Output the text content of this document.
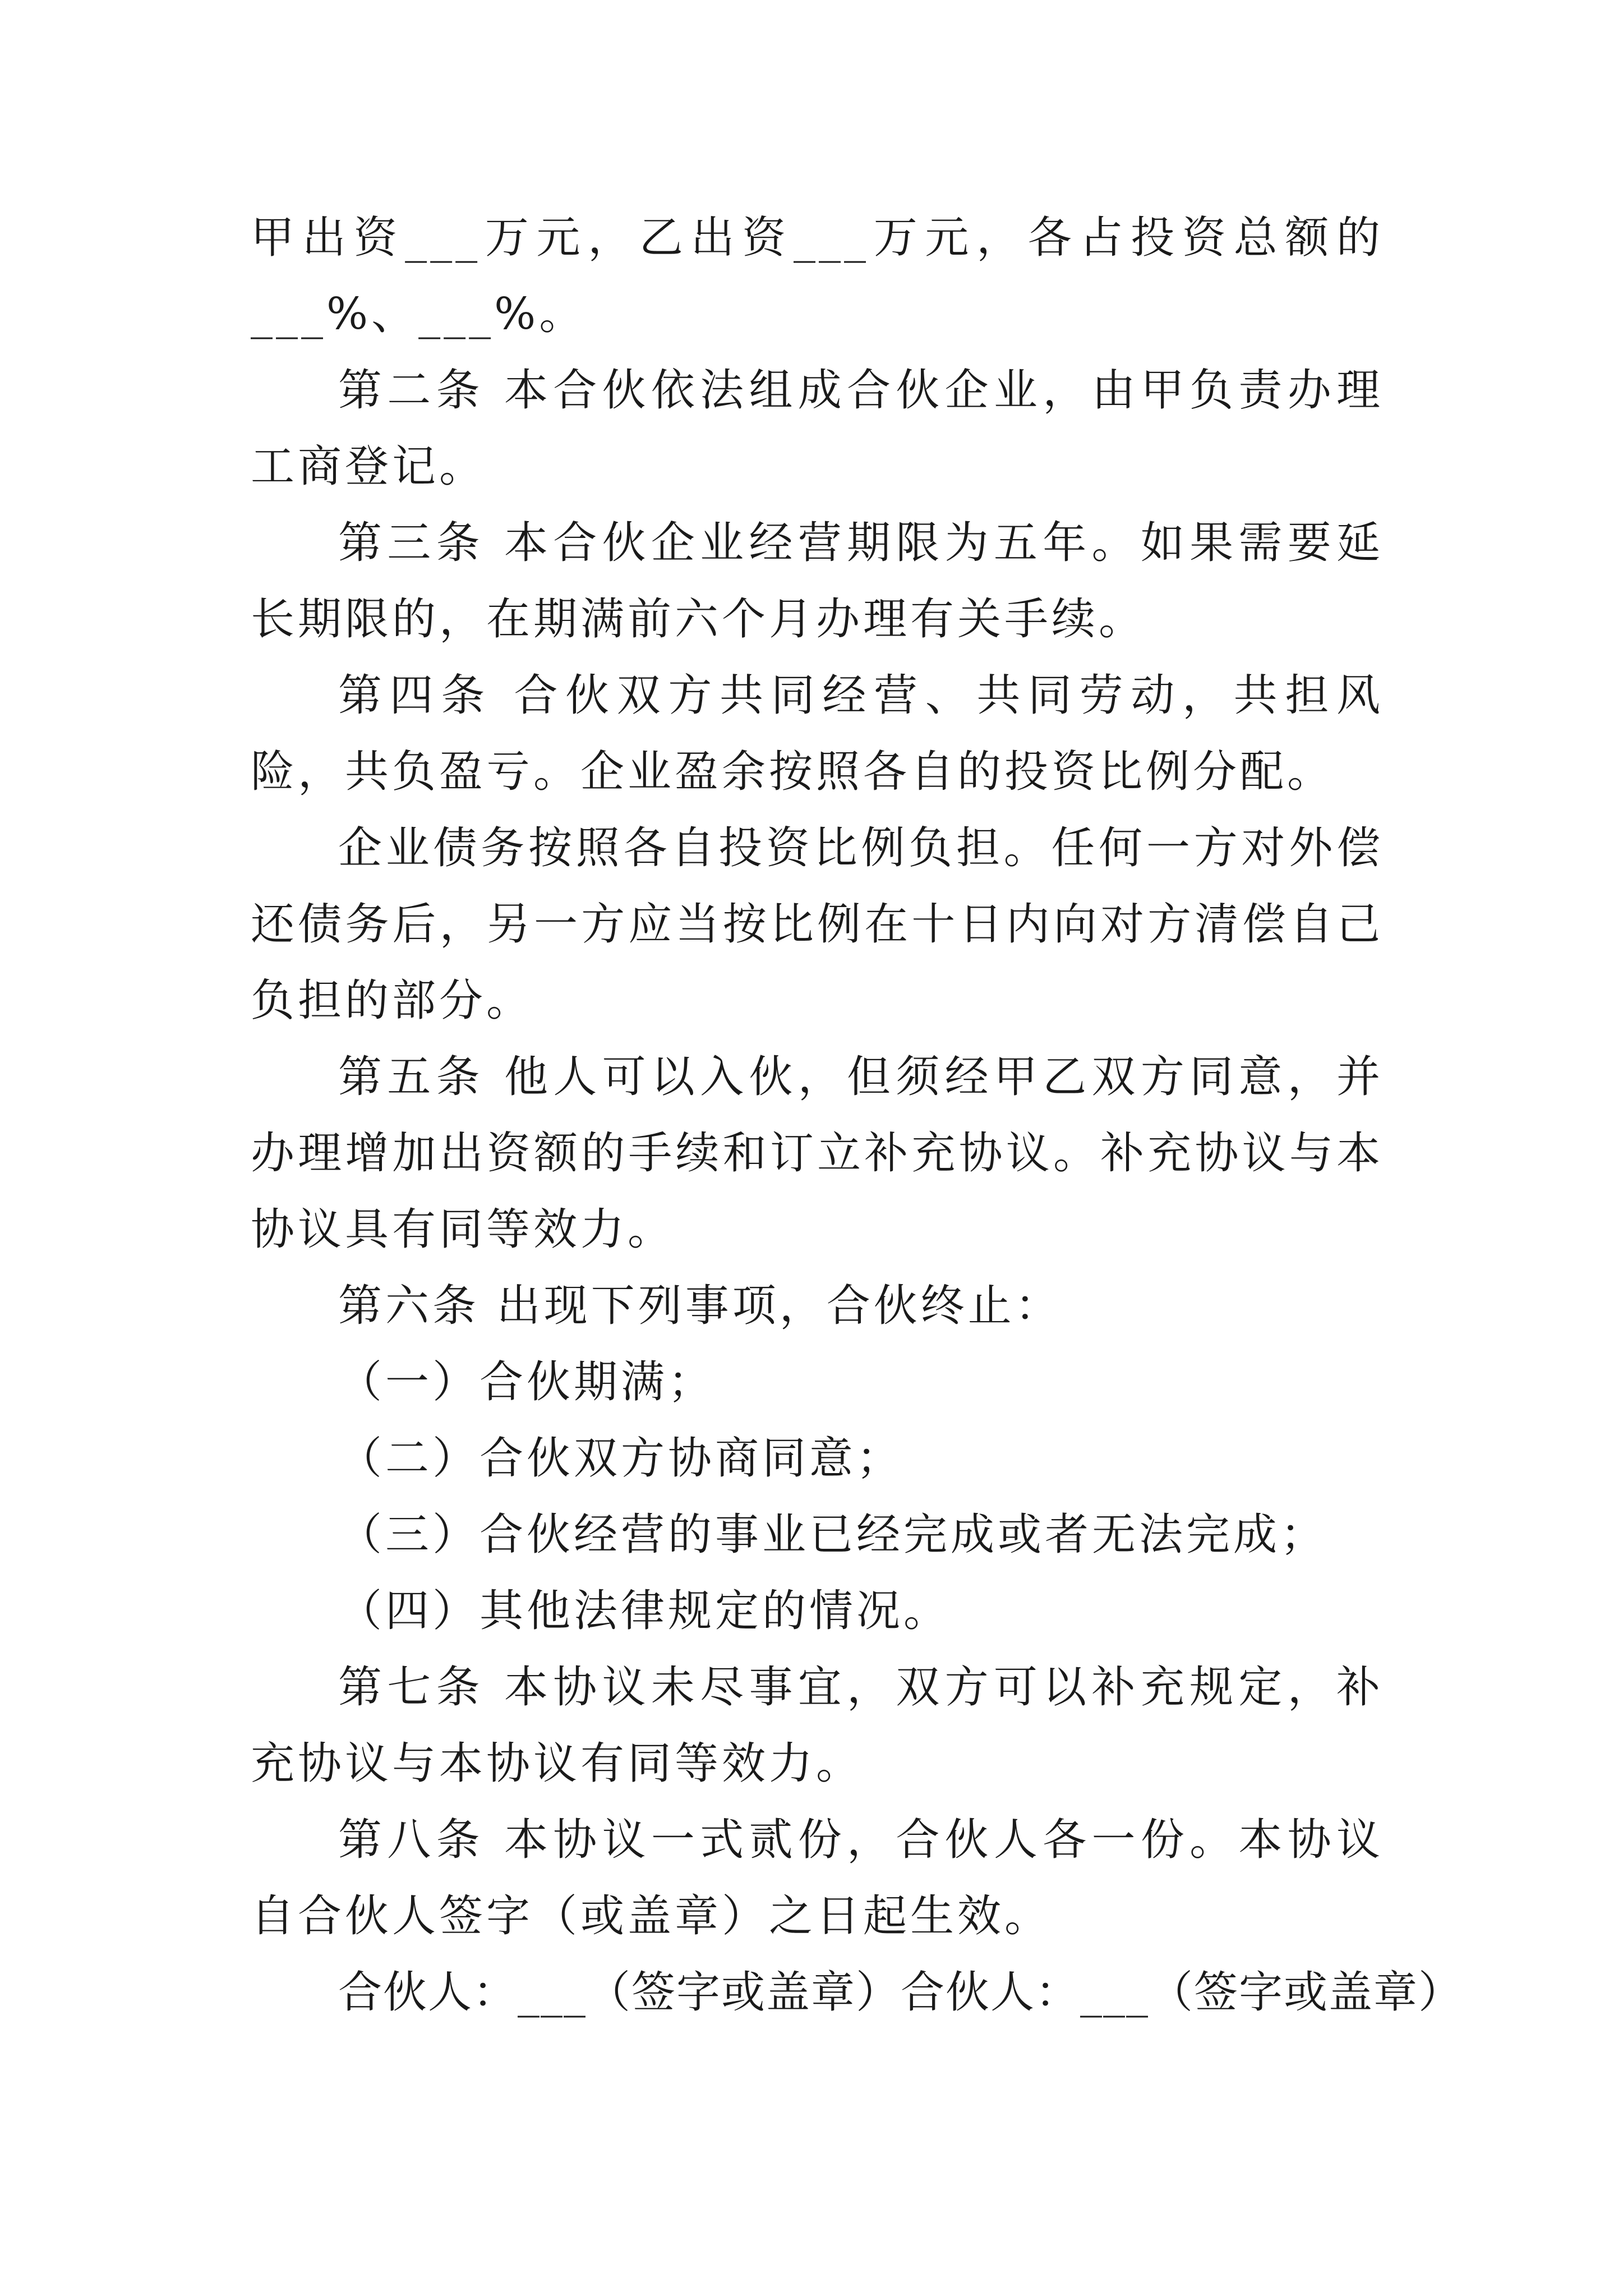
甲出资___万元，乙出资___万元，各占投资总额的___%、___%。

第二条 本合伙依法组成合伙企业，由甲负责办理工商登记。

第三条 本合伙企业经营期限为五年。如果需要延长期限的，在期满前六个月办理有关手续。

第四条 合伙双方共同经营、共同劳动，共担风险，共负盈亏。企业盈余按照各自的投资比例分配。

企业债务按照各自投资比例负担。任何一方对外偿还债务后，另一方应当按比例在十日内向对方清偿自己负担的部分。

第五条 他人可以入伙，但须经甲乙双方同意，并办理增加出资额的手续和订立补充协议。补充协议与本协议具有同等效力。

第六条 出现下列事项，合伙终止：

（一）合伙期满；

（二）合伙双方协商同意；

（三）合伙经营的事业已经完成或者无法完成；

（四）其他法律规定的情况。

第七条 本协议未尽事宜，双方可以补充规定，补充协议与本协议有同等效力。

第八条 本协议一式贰份，合伙人各一份。本协议自合伙人签字（或盖章）之日起生效。

合伙人：___（签字或盖章）合伙人：___（签字或盖章）
